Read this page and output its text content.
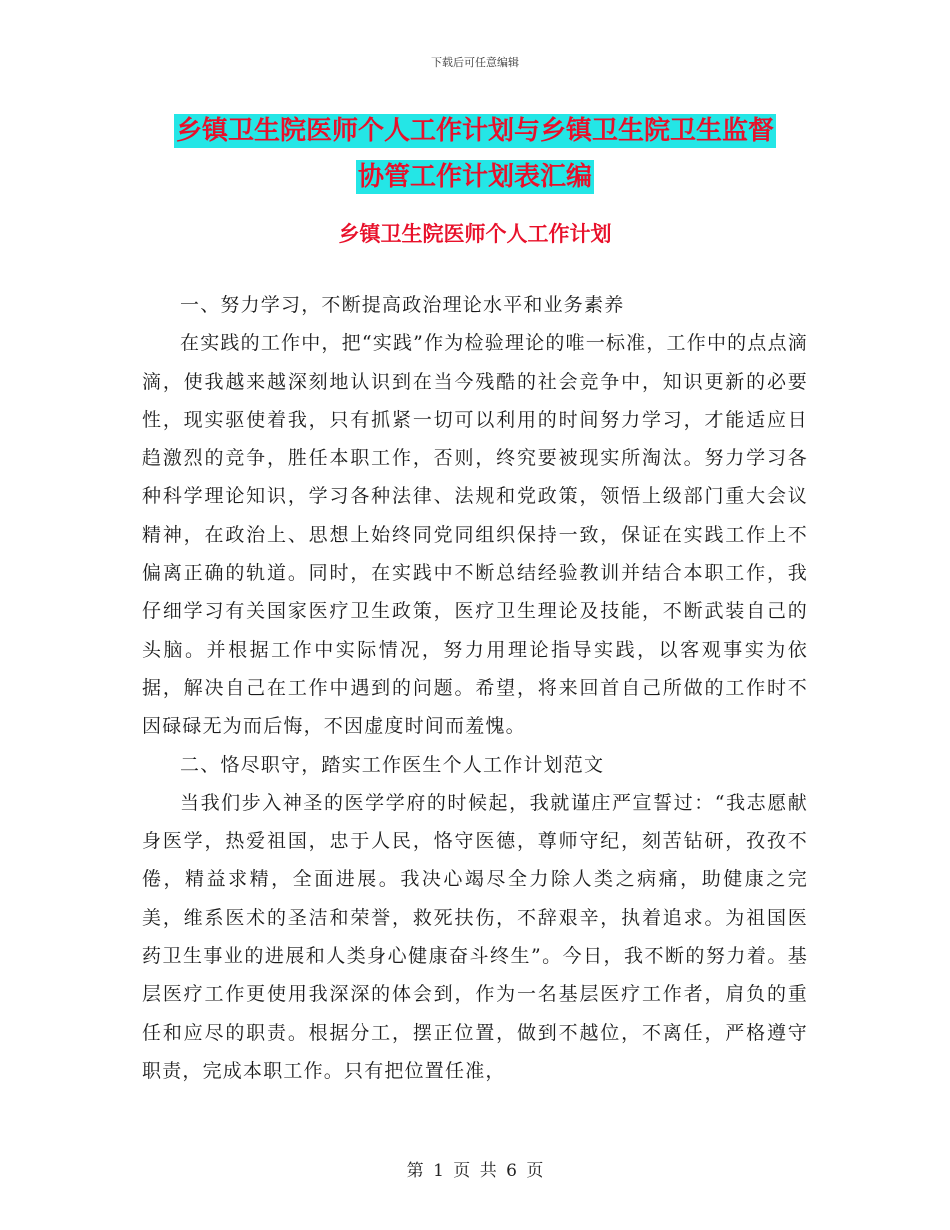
下载后可任意编辑
乡镇卫生院医师个人工作计划与乡镇卫生院卫生监督
协管工作计划表汇编
乡镇卫生院医师个人工作计划

一、努力学习，不断提高政治理论水平和业务素养

在实践的工作中，把“实践”作为检验理论的唯一标准，工作中的点点滴滴，使我越来越深刻地认识到在当今残酷的社会竞争中，知识更新的必要性，现实驱使着我，只有抓紧一切可以利用的时间努力学习，才能适应日趋激烈的竞争，胜任本职工作，否则，终究要被现实所淘汰。努力学习各种科学理论知识，学习各种法律、法规和党政策，领悟上级部门重大会议精神，在政治上、思想上始终同党同组织保持一致，保证在实践工作上不偏离正确的轨道。同时，在实践中不断总结经验教训并结合本职工作，我仔细学习有关国家医疗卫生政策，医疗卫生理论及技能，不断武装自己的头脑。并根据工作中实际情况，努力用理论指导实践，以客观事实为依据，解决自己在工作中遇到的问题。希望，将来回首自己所做的工作时不因碌碌无为而后悔，不因虚度时间而羞愧。

二、恪尽职守，踏实工作医生个人工作计划范文

当我们步入神圣的医学学府的时候起，我就谨庄严宣誓过：“我志愿献身医学，热爱祖国，忠于人民，恪守医德，尊师守纪，刻苦钻研，孜孜不倦，精益求精，全面进展。我决心竭尽全力除人类之病痛，助健康之完美，维系医术的圣洁和荣誉，救死扶伤，不辞艰辛，执着追求。为祖国医药卫生事业的进展和人类身心健康奋斗终生”。今日，我不断的努力着。基层医疗工作更使用我深深的体会到，作为一名基层医疗工作者，肩负的重任和应尽的职责。根据分工，摆正位置，做到不越位，不离任，严格遵守职责，完成本职工作。只有把位置任准，

第 1 页 共 6 页
